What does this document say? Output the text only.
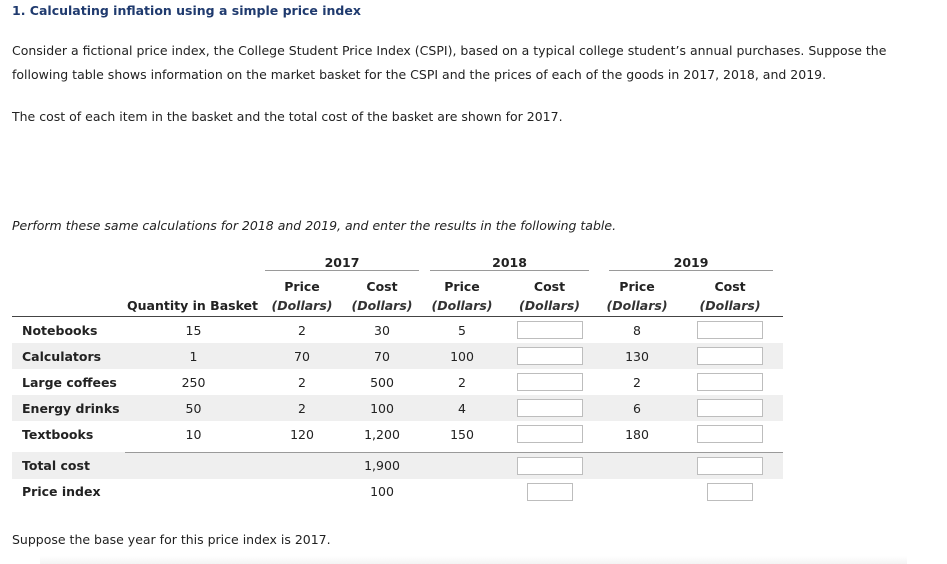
1. Calculating inflation using a simple price index
Consider a fictional price index, the College Student Price Index (CSPI), based on a typical college student’s annual purchases. Suppose the following table shows information on the market basket for the CSPI and the prices of each of the goods in 2017, 2018, and 2019.
The cost of each item in the basket and the total cost of the basket are shown for 2017.
Perform these same calculations for 2018 and 2019, and enter the results in the following table.

		2017		2018		2019	

		Price	Cost	Price	Cost	Price	Cost
	Quantity in Basket	(Dollars)	(Dollars)	(Dollars)	(Dollars)	(Dollars)	(Dollars)
Notebooks	15	2	30	5		8	
Calculators	1	70	70	100		130	
Large coffees	250	2	500	2		2	
Energy drinks	50	2	100	4		6	
Textbooks	10	120	1,200	150		180	

Total cost			1,900				
Price index			100				
Suppose the base year for this price index is 2017.
